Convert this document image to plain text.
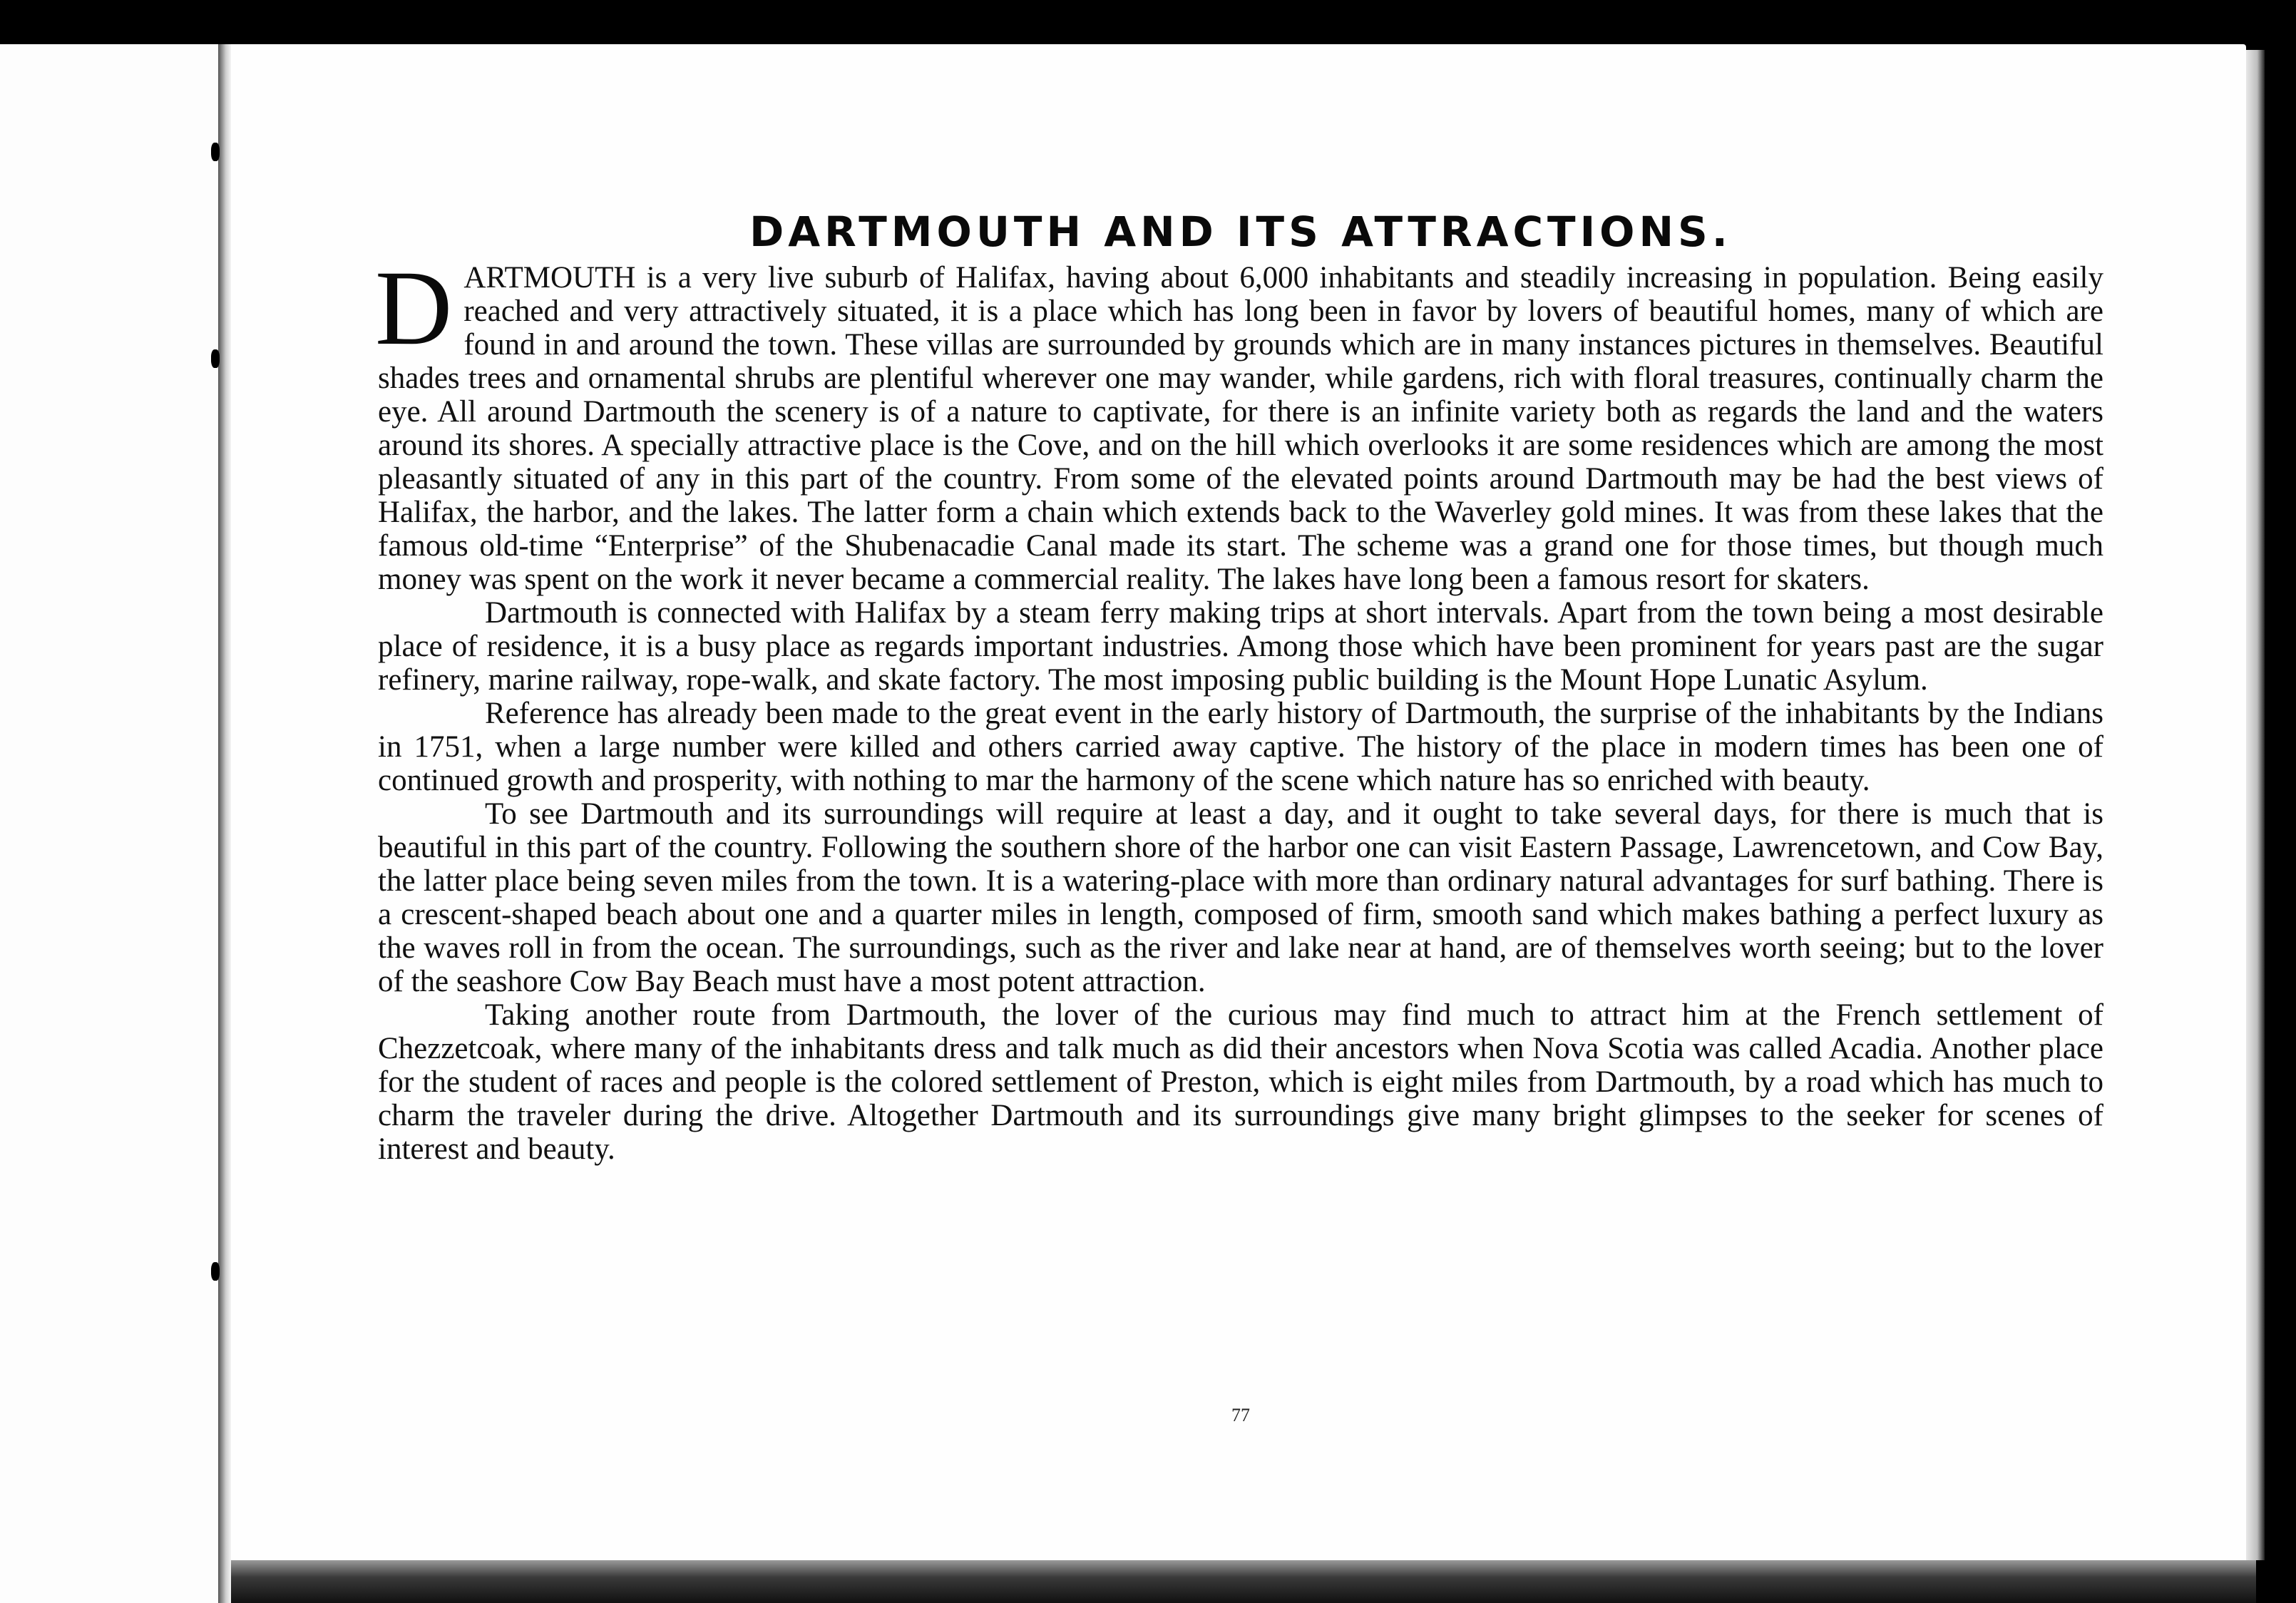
DARTMOUTH AND ITS ATTRACTIONS.

DARTMOUTH is a very live suburb of Halifax, having about 6,000 inhabitants and steadily increasing in population. Being easily reached and very attractively situated, it is a place which has long been in favor by lovers of beautiful homes, many of which are found in and around the town. These villas are surrounded by grounds which are in many instances pictures in themselves. Beautiful shades trees and ornamental shrubs are plentiful wherever one may wander, while gardens, rich with floral treasures, continually charm the eye. All around Dartmouth the scenery is of a nature to captivate, for there is an infinite variety both as regards the land and the waters around its shores. A specially attractive place is the Cove, and on the hill which overlooks it are some residences which are among the most pleasantly situated of any in this part of the country. From some of the elevated points around Dartmouth may be had the best views of Halifax, the harbor, and the lakes. The latter form a chain which extends back to the Waverley gold mines. It was from these lakes that the famous old-time “Enterprise” of the Shubenacadie Canal made its start. The scheme was a grand one for those times, but though much money was spent on the work it never became a commercial reality. The lakes have long been a famous resort for skaters.

Dartmouth is connected with Halifax by a steam ferry making trips at short intervals. Apart from the town being a most desirable place of residence, it is a busy place as regards important industries. Among those which have been prominent for years past are the sugar refinery, marine railway, rope-walk, and skate factory. The most imposing public building is the Mount Hope Lunatic Asylum.

Reference has already been made to the great event in the early history of Dartmouth, the surprise of the inhabitants by the Indians in 1751, when a large number were killed and others carried away captive. The history of the place in modern times has been one of continued growth and prosperity, with nothing to mar the harmony of the scene which nature has so enriched with beauty.

To see Dartmouth and its surroundings will require at least a day, and it ought to take several days, for there is much that is beautiful in this part of the country. Following the southern shore of the harbor one can visit Eastern Passage, Lawrencetown, and Cow Bay, the latter place being seven miles from the town. It is a watering-place with more than ordinary natural advantages for surf bathing. There is a crescent-shaped beach about one and a quarter miles in length, composed of firm, smooth sand which makes bathing a perfect luxury as the waves roll in from the ocean. The surroundings, such as the river and lake near at hand, are of themselves worth seeing; but to the lover of the seashore Cow Bay Beach must have a most potent attraction.

Taking another route from Dartmouth, the lover of the curious may find much to attract him at the French settlement of Chezzetcoak, where many of the inhabitants dress and talk much as did their ancestors when Nova Scotia was called Acadia. Another place for the student of races and people is the colored settlement of Preston, which is eight miles from Dartmouth, by a road which has much to charm the traveler during the drive. Altogether Dartmouth and its surroundings give many bright glimpses to the seeker for scenes of interest and beauty.

77
